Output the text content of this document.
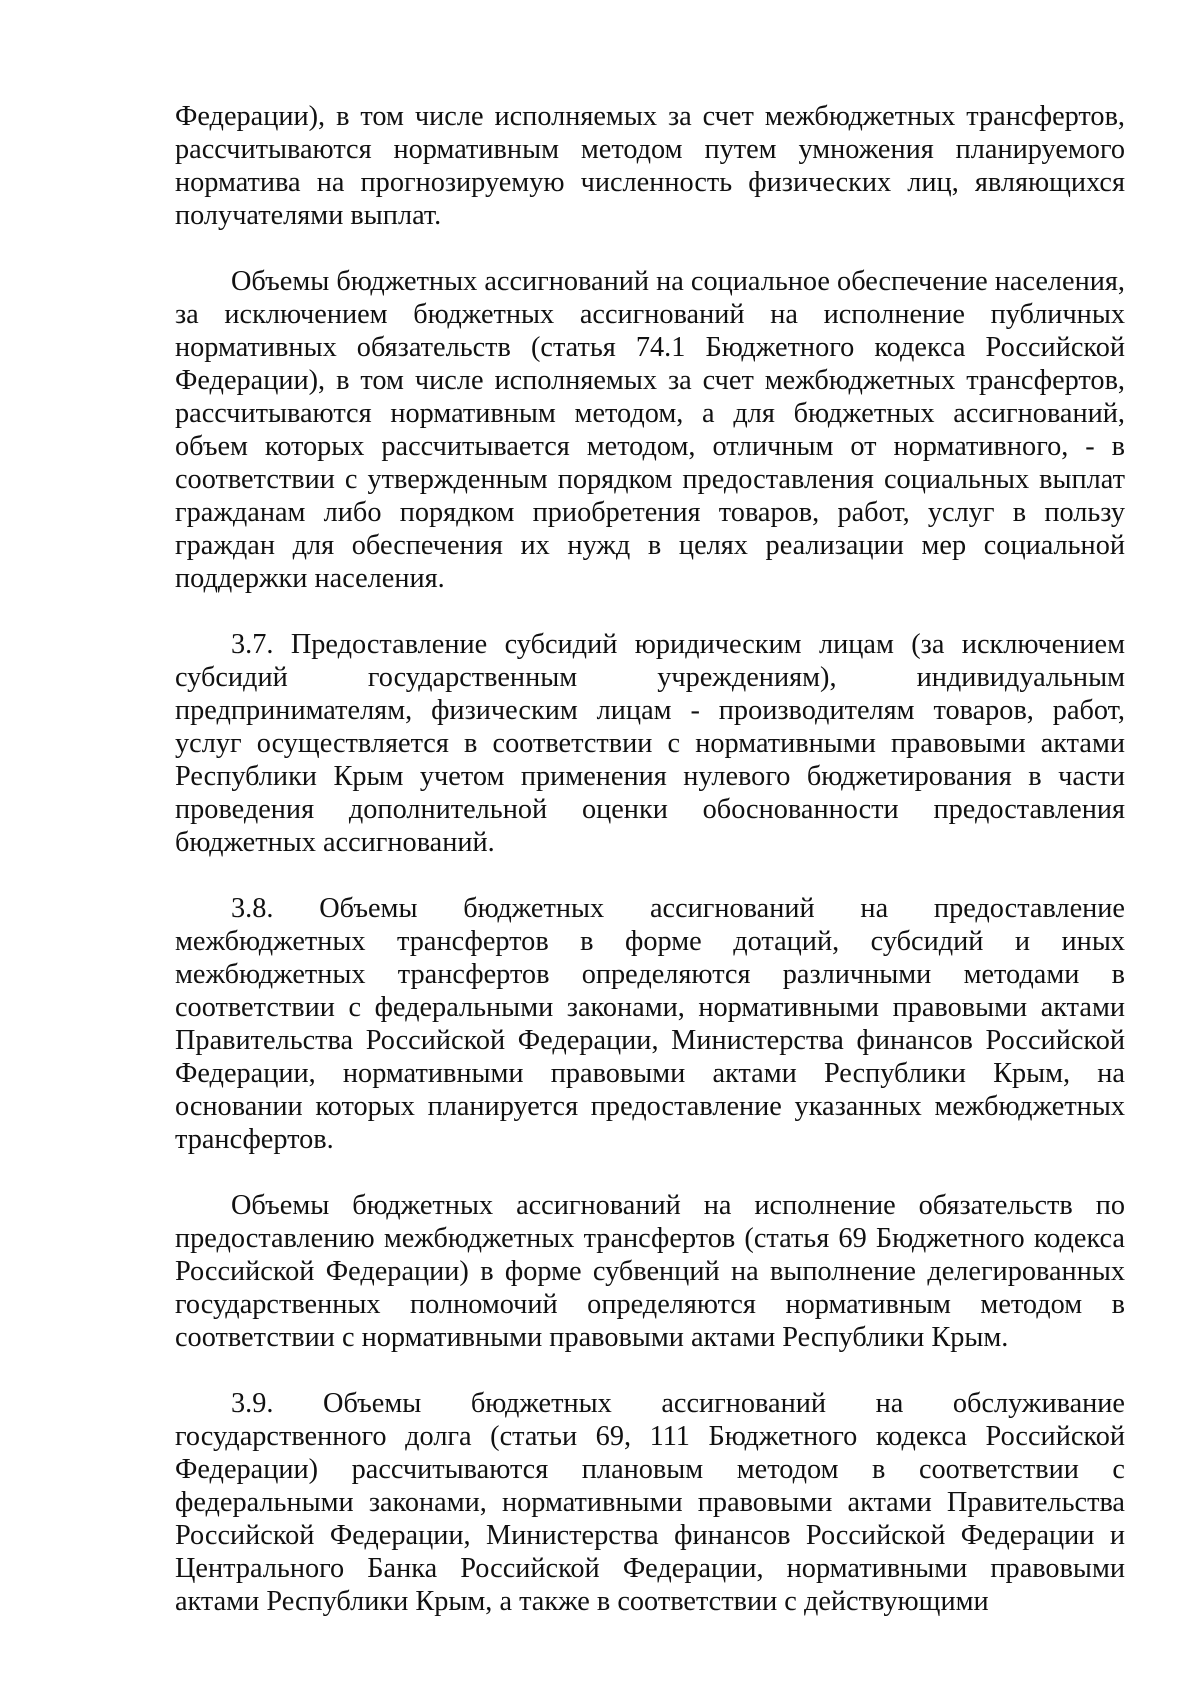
Федерации), в том числе исполняемых за счет межбюджетных трансфертов, рассчитываются нормативным методом путем умножения планируемого норматива на прогнозируемую численность физических лиц, являющихся получателями выплат.

Объемы бюджетных ассигнований на социальное обеспечение населения, за исключением бюджетных ассигнований на исполнение публичных нормативных обязательств (статья 74.1 Бюджетного кодекса Российской Федерации), в том числе исполняемых за счет межбюджетных трансфертов, рассчитываются нормативным методом, а для бюджетных ассигнований, объем которых рассчитывается методом, отличным от нормативного, - в соответствии с утвержденным порядком предоставления социальных выплат гражданам либо порядком приобретения товаров, работ, услуг в пользу граждан для обеспечения их нужд в целях реализации мер социальной поддержки населения.

3.7. Предоставление субсидий юридическим лицам (за исключением субсидий государственным учреждениям), индивидуальным предпринимателям, физическим лицам - производителям товаров, работ, услуг осуществляется в соответствии с нормативными правовыми актами Республики Крым учетом применения нулевого бюджетирования в части проведения дополнительной оценки обоснованности предоставления бюджетных ассигнований.

3.8. Объемы бюджетных ассигнований на предоставление межбюджетных трансфертов в форме дотаций, субсидий и иных межбюджетных трансфертов определяются различными методами в соответствии с федеральными законами, нормативными правовыми актами Правительства Российской Федерации, Министерства финансов Российской Федерации, нормативными правовыми актами Республики Крым, на основании которых планируется предоставление указанных межбюджетных трансфертов.

Объемы бюджетных ассигнований на исполнение обязательств по предоставлению межбюджетных трансфертов (статья 69 Бюджетного кодекса Российской Федерации) в форме субвенций на выполнение делегированных государственных полномочий определяются нормативным методом в соответствии с нормативными правовыми актами Республики Крым.

3.9. Объемы бюджетных ассигнований на обслуживание государственного долга (статьи 69, 111 Бюджетного кодекса Российской Федерации) рассчитываются плановым методом в соответствии с федеральными законами, нормативными правовыми актами Правительства Российской Федерации, Министерства финансов Российской Федерации и Центрального Банка Российской Федерации, нормативными правовыми актами Республики Крым, а также в соответствии с действующими
